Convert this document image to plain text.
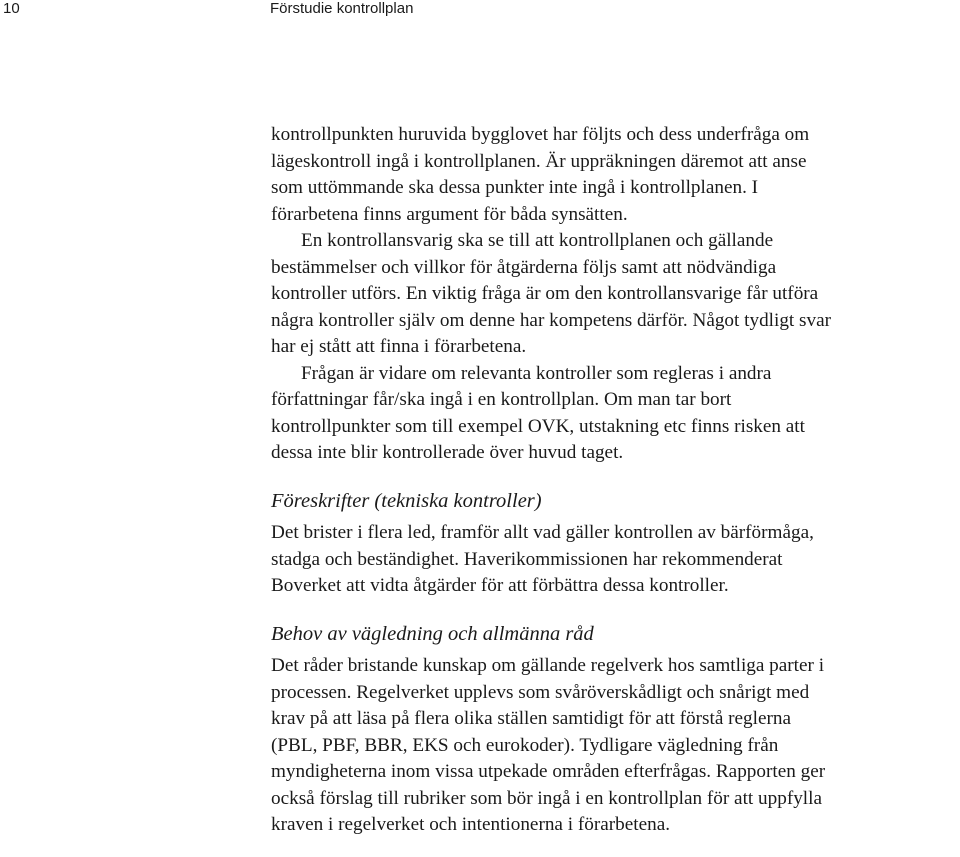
10	Förstudie kontrollplan
kontrollpunkten huruvida bygglovet har följts och dess underfråga om
lägeskontroll ingå i kontrollplanen. Är uppräkningen däremot att anse
som uttömmande ska dessa punkter inte ingå i kontrollplanen. I
förarbetena finns argument för båda synsätten.
En kontrollansvarig ska se till att kontrollplanen och gällande
bestämmelser och villkor för åtgärderna följs samt att nödvändiga
kontroller utförs. En viktig fråga är om den kontrollansvarige får utföra
några kontroller själv om denne har kompetens därför. Något tydligt svar
har ej stått att finna i förarbetena.
Frågan är vidare om relevanta kontroller som regleras i andra
författningar får/ska ingå i en kontrollplan. Om man tar bort
kontrollpunkter som till exempel OVK, utstakning etc finns risken att
dessa inte blir kontrollerade över huvud taget.
Föreskrifter (tekniska kontroller)
Det brister i flera led, framför allt vad gäller kontrollen av bärförmåga,
stadga och beständighet. Haverikommissionen har rekommenderat
Boverket att vidta åtgärder för att förbättra dessa kontroller.
Behov av vägledning och allmänna råd
Det råder bristande kunskap om gällande regelverk hos samtliga parter i
processen. Regelverket upplevs som svåröverskådligt och snårigt med
krav på att läsa på flera olika ställen samtidigt för att förstå reglerna
(PBL, PBF, BBR, EKS och eurokoder). Tydligare vägledning från
myndigheterna inom vissa utpekade områden efterfrågas. Rapporten ger
också förslag till rubriker som bör ingå i en kontrollplan för att uppfylla
kraven i regelverket och intentionerna i förarbetena.
